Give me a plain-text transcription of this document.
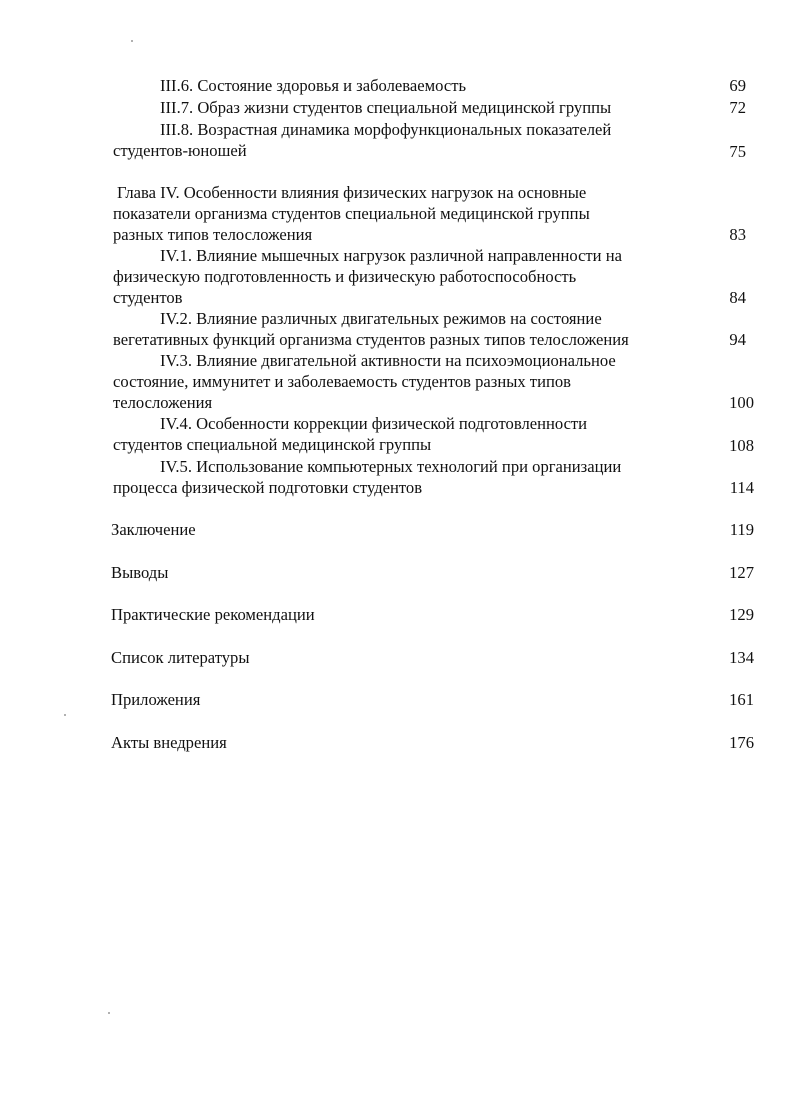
III.6. Состояние здоровья и заболеваемость	69
III.7. Образ жизни студентов специальной медицинской группы	72
III.8. Возрастная динамика морфофункциональных показателей
студентов-юношей	75
Глава IV. Особенности влияния физических нагрузок на основные
показатели организма студентов специальной медицинской группы
разных типов телосложения	83
IV.1. Влияние мышечных нагрузок различной направленности на
физическую подготовленность и физическую работоспособность
студентов	84
IV.2. Влияние различных двигательных режимов на состояние
вегетативных функций организма студентов разных типов телосложения	94
IV.3. Влияние двигательной активности на психоэмоциональное
состояние, иммунитет и заболеваемость студентов разных типов
телосложения	100
IV.4. Особенности коррекции физической подготовленности
студентов специальной медицинской группы	108
IV.5. Использование компьютерных технологий при организации
процесса физической подготовки студентов	114
Заключение	119
Выводы	127
Практические рекомендации	129
Список литературы	134
Приложения	161
Акты внедрения	176
